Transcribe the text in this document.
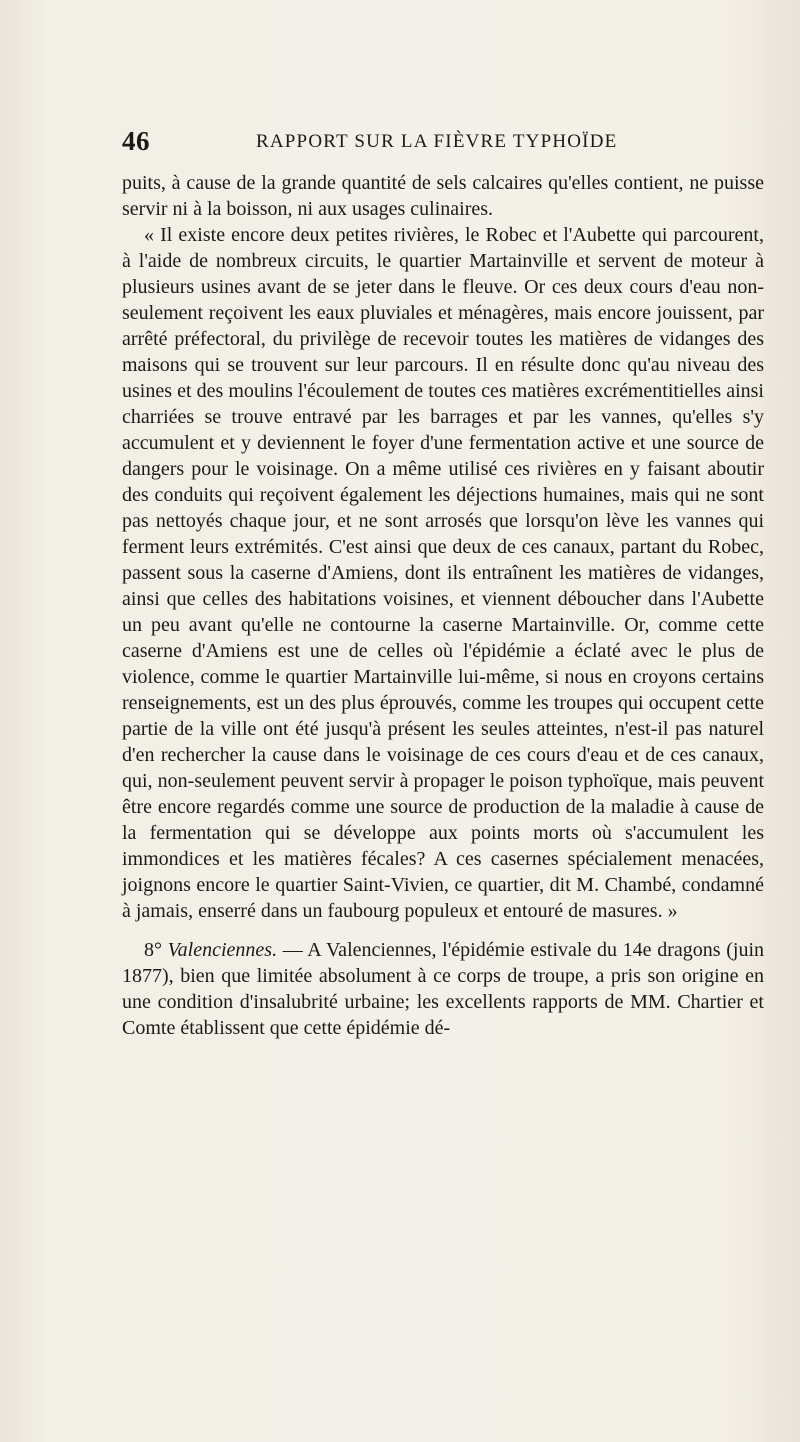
46	RAPPORT SUR LA FIÈVRE TYPHOÏDE

puits, à cause de la grande quantité de sels calcaires qu'elles contient, ne puisse servir ni à la boisson, ni aux usages culinaires.

« Il existe encore deux petites rivières, le Robec et l'Aubette qui parcourent, à l'aide de nombreux circuits, le quartier Martainville et servent de moteur à plusieurs usines avant de se jeter dans le fleuve. Or ces deux cours d'eau non-seulement reçoivent les eaux pluviales et ménagères, mais encore jouissent, par arrêté préfectoral, du privilège de recevoir toutes les matières de vidanges des maisons qui se trouvent sur leur parcours. Il en résulte donc qu'au niveau des usines et des moulins l'écoulement de toutes ces matières excrémentitielles ainsi charriées se trouve entravé par les barrages et par les vannes, qu'elles s'y accumulent et y deviennent le foyer d'une fermentation active et une source de dangers pour le voisinage. On a même utilisé ces rivières en y faisant aboutir des conduits qui reçoivent également les déjections humaines, mais qui ne sont pas nettoyés chaque jour, et ne sont arrosés que lorsqu'on lève les vannes qui ferment leurs extrémités. C'est ainsi que deux de ces canaux, partant du Robec, passent sous la caserne d'Amiens, dont ils entraînent les matières de vidanges, ainsi que celles des habitations voisines, et viennent déboucher dans l'Aubette un peu avant qu'elle ne contourne la caserne Martainville. Or, comme cette caserne d'Amiens est une de celles où l'épidémie a éclaté avec le plus de violence, comme le quartier Martainville lui-même, si nous en croyons certains renseignements, est un des plus éprouvés, comme les troupes qui occupent cette partie de la ville ont été jusqu'à présent les seules atteintes, n'est-il pas naturel d'en rechercher la cause dans le voisinage de ces cours d'eau et de ces canaux, qui, non-seulement peuvent servir à propager le poison typhoïque, mais peuvent être encore regardés comme une source de production de la maladie à cause de la fermentation qui se développe aux points morts où s'accumulent les immondices et les matières fécales? A ces casernes spécialement menacées, joignons encore le quartier Saint-Vivien, ce quartier, dit M. Chambé, condamné à jamais, enserré dans un faubourg populeux et entouré de masures. »

8° Valenciennes. — A Valenciennes, l'épidémie estivale du 14e dragons (juin 1877), bien que limitée absolument à ce corps de troupe, a pris son origine en une condition d'insalubrité urbaine; les excellents rapports de MM. Chartier et Comte établissent que cette épidémie dé-
